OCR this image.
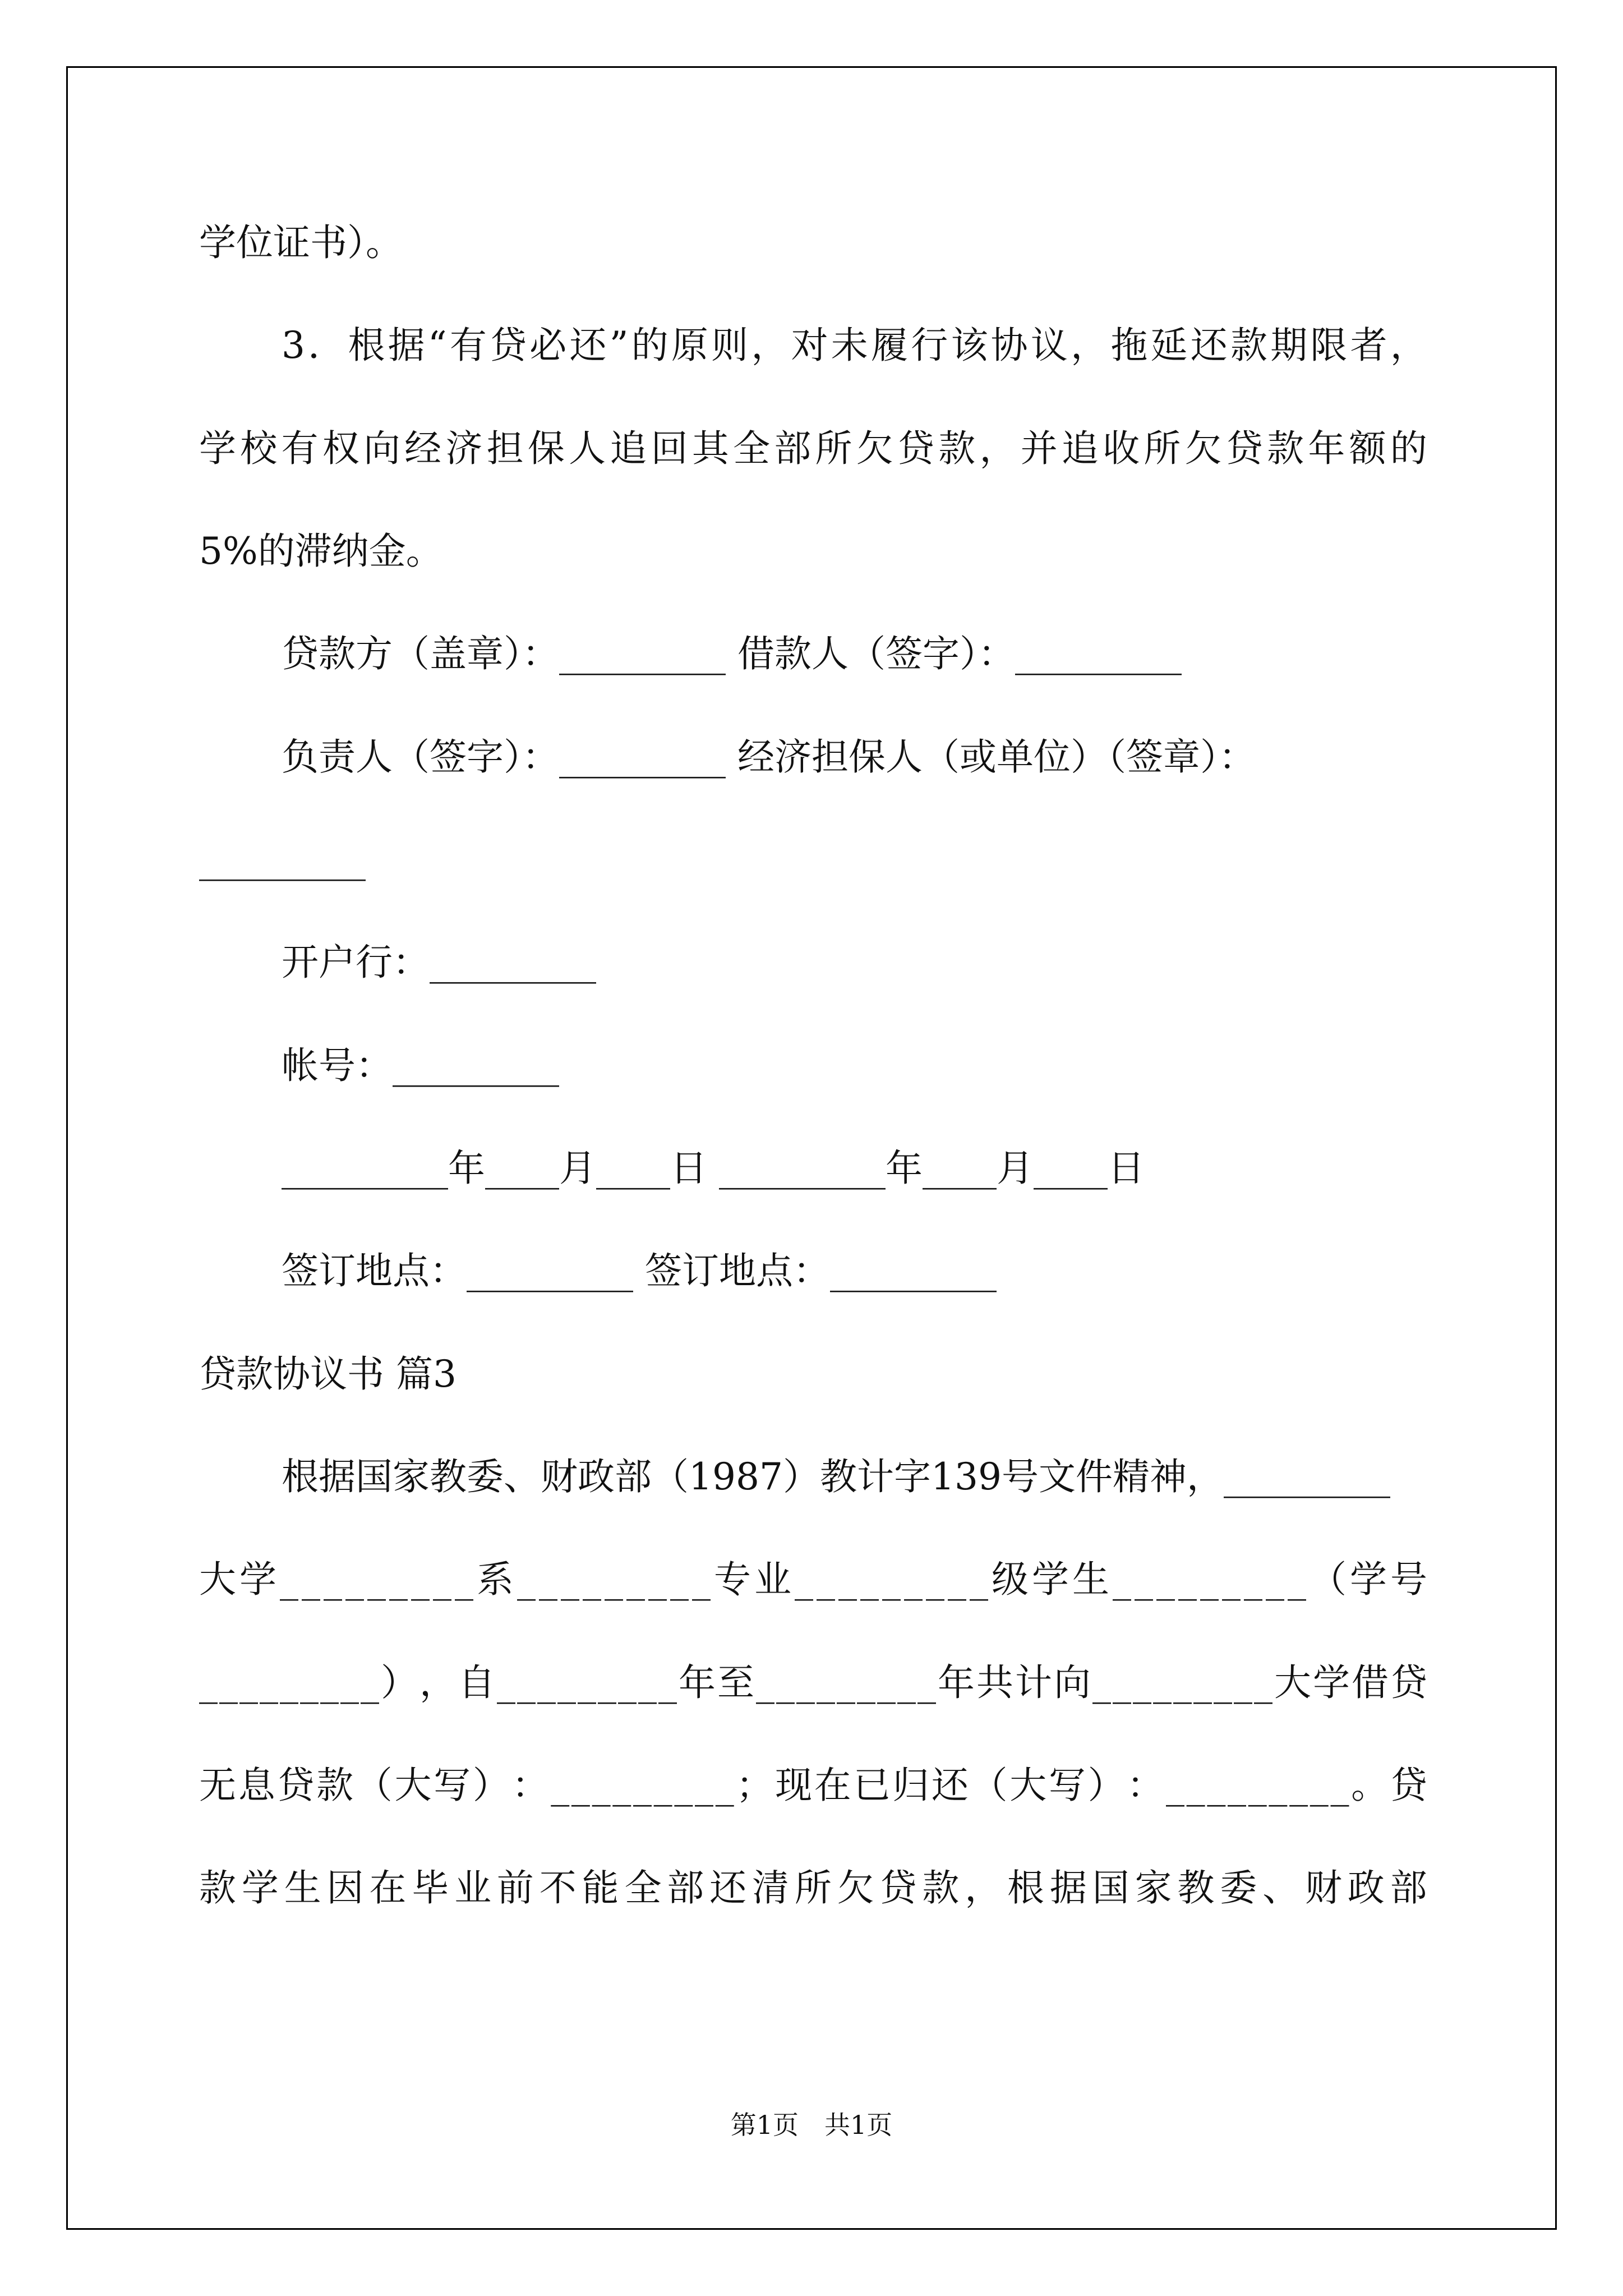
学位证书）。
3 ． 根 据 “ 有 贷 必 还 ” 的 原 则 ， 对 未 履 行 该 协 议 ， 拖 延 还 款 期 限 者 ，
学 校 有 权 向 经 济 担 保 人 追 回 其 全 部 所 欠 贷 款 ， 并 追 收 所 欠 贷 款 年 额 的
5%的滞纳金。
贷款方（盖章）：_________ 借款人（签字）：_________
负责人（签字）：_________ 经济担保人（或单位）（签章）：
_________
开户行：_________
帐号：_________
_________年____月____日 _________年____月____日
签订地点：_________ 签订地点：_________
贷款协议书 篇3
根据国家教委、财政部（1987）教计字139号文件精神，_________
大 学 _ _ _ _ _ _ _ _ _ 系 _ _ _ _ _ _ _ _ _ 专 业 _ _ _ _ _ _ _ _ _ 级 学 生 _ _ _ _ _ _ _ _ _ （ 学 号
_ _ _ _ _ _ _ _ _ ） ， 自 _ _ _ _ _ _ _ _ _ 年 至 _ _ _ _ _ _ _ _ _ 年 共 计 向 _ _ _ _ _ _ _ _ _ 大 学 借 贷
无 息 贷 款 （ 大 写 ） ： _ _ _ _ _ _ _ _ _ ； 现 在 已 归 还 （ 大 写 ） ： _ _ _ _ _ _ _ _ _ 。 贷
款 学 生 因 在 毕 业 前 不 能 全 部 还 清 所 欠 贷 款 ， 根 据 国 家 教 委 、 财 政 部
第1页　共1页
